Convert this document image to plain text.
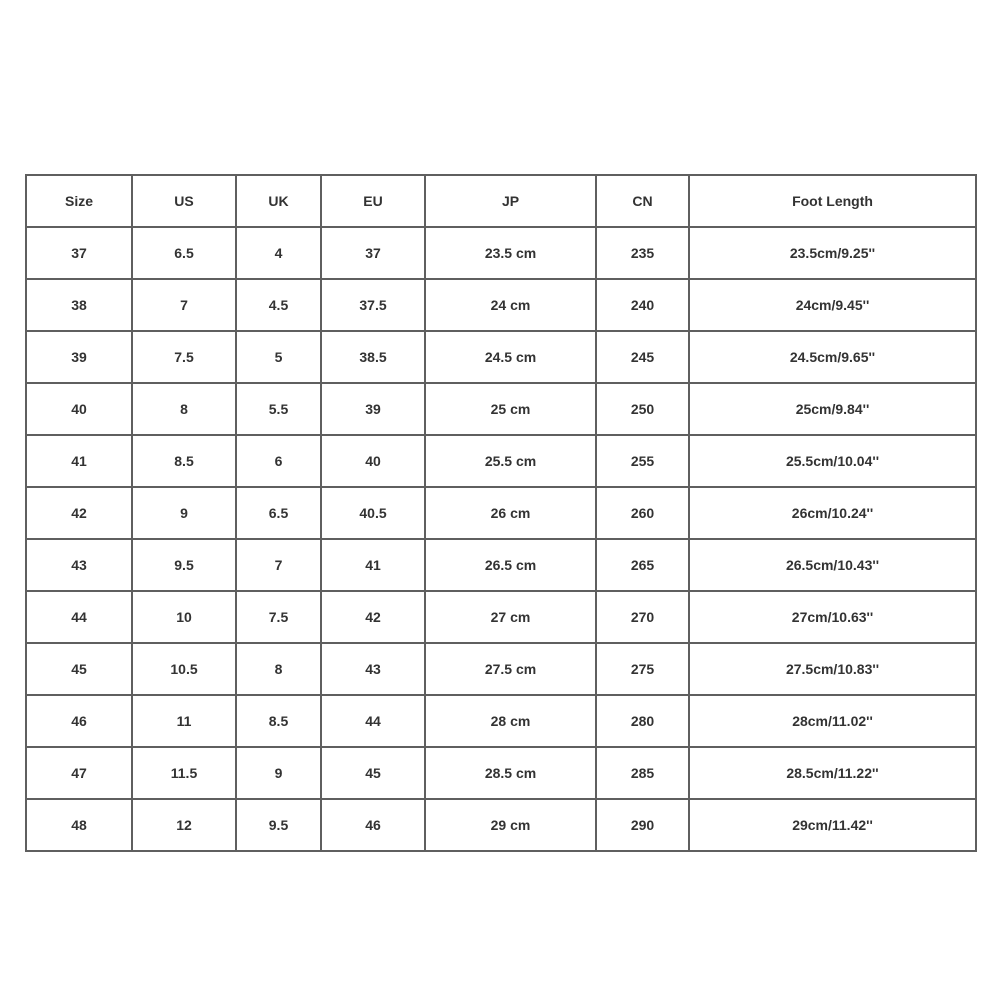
Size	US	UK	EU	JP	CN	Foot Length
37	6.5	4	37	23.5 cm	235	23.5cm/9.25''
38	7	4.5	37.5	24 cm	240	24cm/9.45''
39	7.5	5	38.5	24.5 cm	245	24.5cm/9.65''
40	8	5.5	39	25 cm	250	25cm/9.84''
41	8.5	6	40	25.5 cm	255	25.5cm/10.04''
42	9	6.5	40.5	26 cm	260	26cm/10.24''
43	9.5	7	41	26.5 cm	265	26.5cm/10.43''
44	10	7.5	42	27 cm	270	27cm/10.63''
45	10.5	8	43	27.5 cm	275	27.5cm/10.83''
46	11	8.5	44	28 cm	280	28cm/11.02''
47	11.5	9	45	28.5 cm	285	28.5cm/11.22''
48	12	9.5	46	29 cm	290	29cm/11.42''
